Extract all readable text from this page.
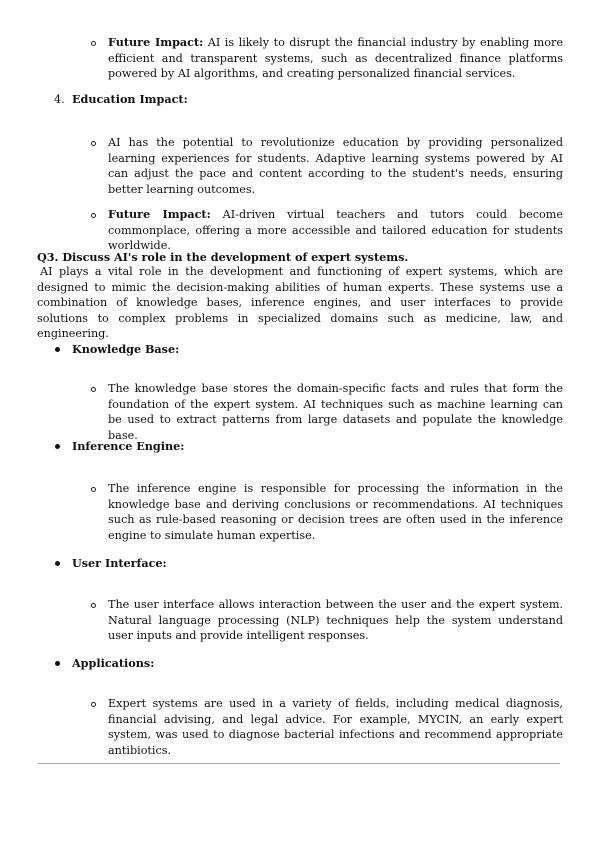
Future Impact: AI is likely to disrupt the financial industry by enabling more efficient and transparent systems, such as decentralized finance platforms powered by AI algorithms, and creating personalized financial services.

4. Education Impact:

AI has the potential to revolutionize education by providing personalized learning experiences for students. Adaptive learning systems powered by AI can adjust the pace and content according to the student's needs, ensuring better learning outcomes.

Future Impact: AI-driven virtual teachers and tutors could become commonplace, offering a more accessible and tailored education for students worldwide.

Q3. Discuss AI's role in the development of expert systems.

AI plays a vital role in the development and functioning of expert systems, which are designed to mimic the decision-making abilities of human experts. These systems use a combination of knowledge bases, inference engines, and user interfaces to provide solutions to complex problems in specialized domains such as medicine, law, and engineering.

Knowledge Base:

The knowledge base stores the domain-specific facts and rules that form the foundation of the expert system. AI techniques such as machine learning can be used to extract patterns from large datasets and populate the knowledge base.

Inference Engine:

The inference engine is responsible for processing the information in the knowledge base and deriving conclusions or recommendations. AI techniques such as rule-based reasoning or decision trees are often used in the inference engine to simulate human expertise.

User Interface:

The user interface allows interaction between the user and the expert system. Natural language processing (NLP) techniques help the system understand user inputs and provide intelligent responses.

Applications:

Expert systems are used in a variety of fields, including medical diagnosis, financial advising, and legal advice. For example, MYCIN, an early expert system, was used to diagnose bacterial infections and recommend appropriate antibiotics.
